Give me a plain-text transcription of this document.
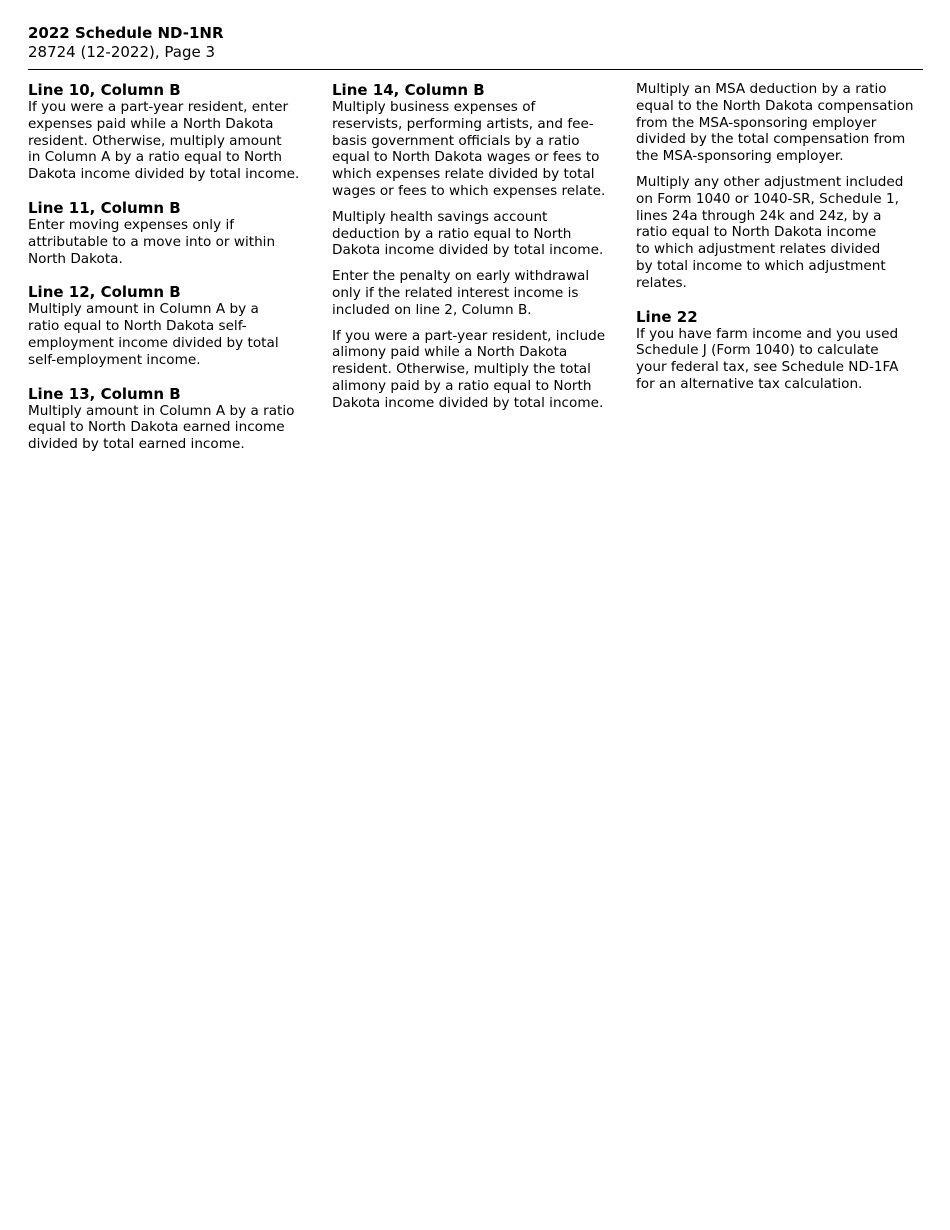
2022 Schedule ND-1NR

28724 (12-2022), Page 3

Line 10, Column B

If you were a part-year resident, enter
expenses paid while a North Dakota
resident. Otherwise, multiply amount
in Column A by a ratio equal to North
Dakota income divided by total income.

Line 11, Column B

Enter moving expenses only if
attributable to a move into or within
North Dakota.

Line 12, Column B

Multiply amount in Column A by a
ratio equal to North Dakota self-
employment income divided by total
self-employment income.

Line 13, Column B

Multiply amount in Column A by a ratio
equal to North Dakota earned income
divided by total earned income.

Line 14, Column B

Multiply business expenses of
reservists, performing artists, and fee-
basis government officials by a ratio
equal to North Dakota wages or fees to
which expenses relate divided by total
wages or fees to which expenses relate.

Multiply health savings account
deduction by a ratio equal to North
Dakota income divided by total income.

Enter the penalty on early withdrawal
only if the related interest income is
included on line 2, Column B.

If you were a part-year resident, include
alimony paid while a North Dakota
resident. Otherwise, multiply the total
alimony paid by a ratio equal to North
Dakota income divided by total income.

Multiply an MSA deduction by a ratio
equal to the North Dakota compensation
from the MSA-sponsoring employer
divided by the total compensation from
the MSA-sponsoring employer.

Multiply any other adjustment included
on Form 1040 or 1040-SR, Schedule 1,
lines 24a through 24k and 24z, by a
ratio equal to North Dakota income
to which adjustment relates divided
by total income to which adjustment
relates.

Line 22

If you have farm income and you used
Schedule J (Form 1040) to calculate
your federal tax, see Schedule ND-1FA
for an alternative tax calculation.
